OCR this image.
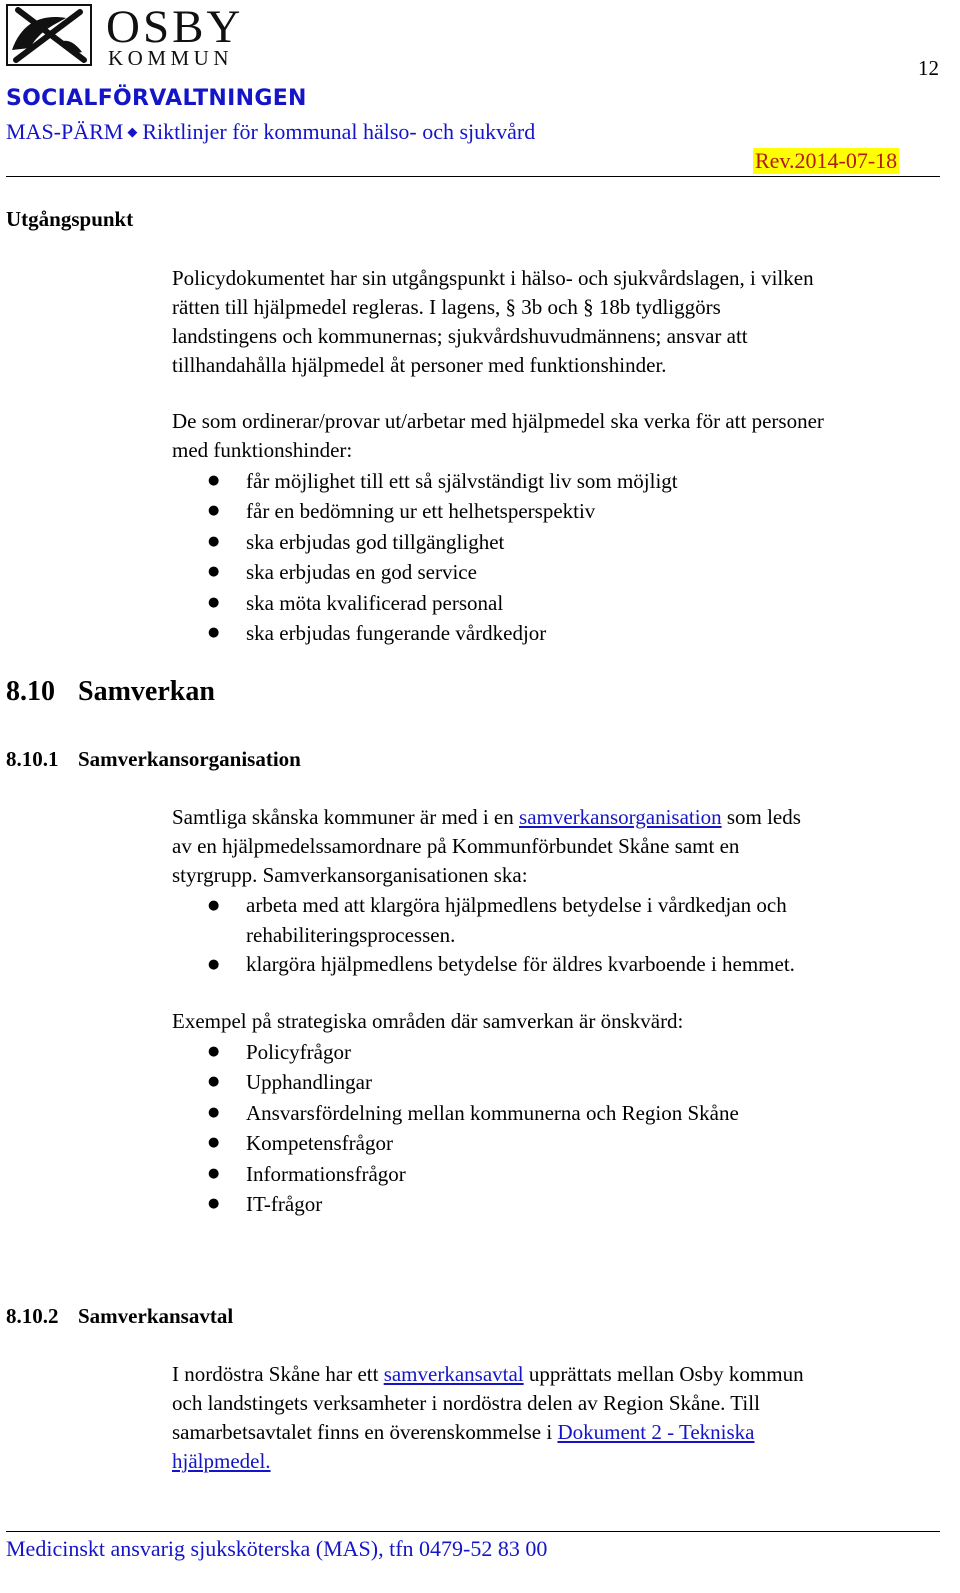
OSBY
KOMMUN	12
SOCIALFÖRVALTNINGEN
MAS-PÄRM ◆ Riktlinjer för kommunal hälso- och sjukvård
Rev.2014-07-18
Utgångspunkt

Policydokumentet har sin utgångspunkt i hälso- och sjukvårdslagen, i vilken

rätten till hjälpmedel regleras. I lagens, § 3b och § 18b tydliggörs

landstingens och kommunernas; sjukvårdshuvudmännens; ansvar att

tillhandahålla hjälpmedel åt personer med funktionshinder.

De som ordinerar/provar ut/arbetar med hjälpmedel ska verka för att personer

med funktionshinder:

● får möjlighet till ett så självständigt liv som möjligt
● får en bedömning ur ett helhetsperspektiv
● ska erbjudas god tillgänglighet
● ska erbjudas en god service
● ska möta kvalificerad personal
● ska erbjudas fungerande vårdkedjor
8.10 Samverkan
8.10.1 Samverkansorganisation

Samtliga skånska kommuner är med i en samverkansorganisation som leds

av en hjälpmedelssamordnare på Kommunförbundet Skåne samt en

styrgrupp. Samverkansorganisationen ska:

● arbeta med att klargöra hjälpmedlens betydelse i vårdkedjan och rehabiliteringsprocessen.
● klargöra hjälpmedlens betydelse för äldres kvarboende i hemmet.
Exempel på strategiska områden där samverkan är önskvärd:
● Policyfrågor
● Upphandlingar
● Ansvarsfördelning mellan kommunerna och Region Skåne
● Kompetensfrågor
● Informationsfrågor
● IT-frågor
8.10.2 Samverkansavtal

I nordöstra Skåne har ett samverkansavtal upprättats mellan Osby kommun

och landstingets verksamheter i nordöstra delen av Region Skåne. Till

samarbetsavtalet finns en överenskommelse i Dokument 2 - Tekniska

hjälpmedel.

Medicinskt ansvarig sjuksköterska (MAS), tfn 0479-52 83 00
